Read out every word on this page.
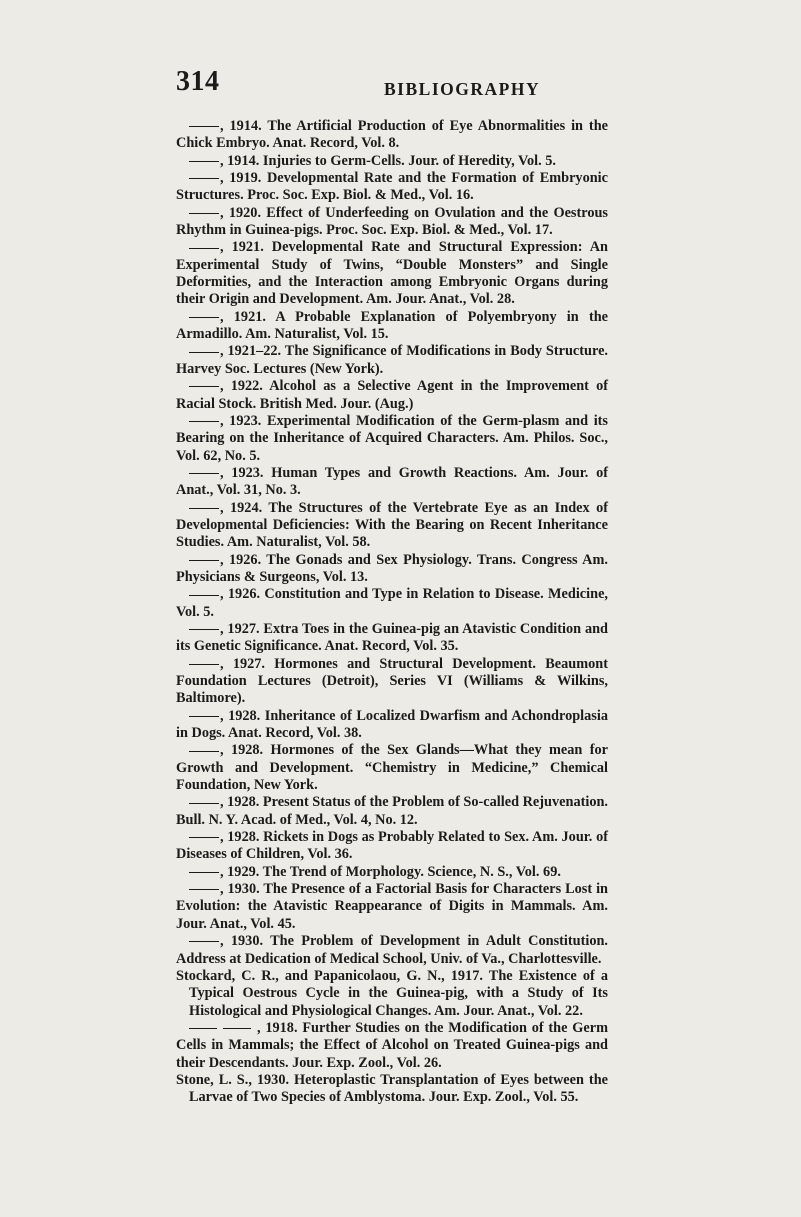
314	BIBLIOGRAPHY
, 1914. The Artificial Production of Eye Abnormalities in the Chick Embryo. Anat. Record, Vol. 8.
, 1914. Injuries to Germ-Cells. Jour. of Heredity, Vol. 5.
, 1919. Developmental Rate and the Formation of Embryonic Structures. Proc. Soc. Exp. Biol. & Med., Vol. 16.
, 1920. Effect of Underfeeding on Ovulation and the Oestrous Rhythm in Guinea-pigs. Proc. Soc. Exp. Biol. & Med., Vol. 17.
, 1921. Developmental Rate and Structural Expression: An Experimental Study of Twins, “Double Monsters” and Single Deformities, and the Interaction among Embryonic Organs during their Origin and Development. Am. Jour. Anat., Vol. 28.
, 1921. A Probable Explanation of Polyembryony in the Armadillo. Am. Naturalist, Vol. 15.
, 1921–22. The Significance of Modifications in Body Structure. Harvey Soc. Lectures (New York).
, 1922. Alcohol as a Selective Agent in the Improvement of Racial Stock. British Med. Jour. (Aug.)
, 1923. Experimental Modification of the Germ-plasm and its Bearing on the Inheritance of Acquired Characters. Am. Philos. Soc., Vol. 62, No. 5.
, 1923. Human Types and Growth Reactions. Am. Jour. of Anat., Vol. 31, No. 3.
, 1924. The Structures of the Vertebrate Eye as an Index of Developmental Deficiencies: With the Bearing on Recent Inheritance Studies. Am. Naturalist, Vol. 58.
, 1926. The Gonads and Sex Physiology. Trans. Congress Am. Physicians & Surgeons, Vol. 13.
, 1926. Constitution and Type in Relation to Disease. Medicine, Vol. 5.
, 1927. Extra Toes in the Guinea-pig an Atavistic Condition and its Genetic Significance. Anat. Record, Vol. 35.
, 1927. Hormones and Structural Development. Beaumont Foundation Lectures (Detroit), Series VI (Williams & Wilkins, Baltimore).
, 1928. Inheritance of Localized Dwarfism and Achondroplasia in Dogs. Anat. Record, Vol. 38.
, 1928. Hormones of the Sex Glands—What they mean for Growth and Development. “Chemistry in Medicine,” Chemical Foundation, New York.
, 1928. Present Status of the Problem of So-called Rejuvenation. Bull. N. Y. Acad. of Med., Vol. 4, No. 12.
, 1928. Rickets in Dogs as Probably Related to Sex. Am. Jour. of Diseases of Children, Vol. 36.
, 1929. The Trend of Morphology. Science, N. S., Vol. 69.
, 1930. The Presence of a Factorial Basis for Characters Lost in Evolution: the Atavistic Reappearance of Digits in Mammals. Am. Jour. Anat., Vol. 45.
, 1930. The Problem of Development in Adult Constitution. Address at Dedication of Medical School, Univ. of Va., Charlottesville.
Stockard, C. R., and Papanicolaou, G. N., 1917. The Existence of a Typical Oestrous Cycle in the Guinea-pig, with a Study of Its Histological and Physiological Changes. Am. Jour. Anat., Vol. 22.
, 1918. Further Studies on the Modification of the Germ Cells in Mammals; the Effect of Alcohol on Treated Guinea-pigs and their Descendants. Jour. Exp. Zool., Vol. 26.
Stone, L. S., 1930. Heteroplastic Transplantation of Eyes between the Larvae of Two Species of Amblystoma. Jour. Exp. Zool., Vol. 55.
